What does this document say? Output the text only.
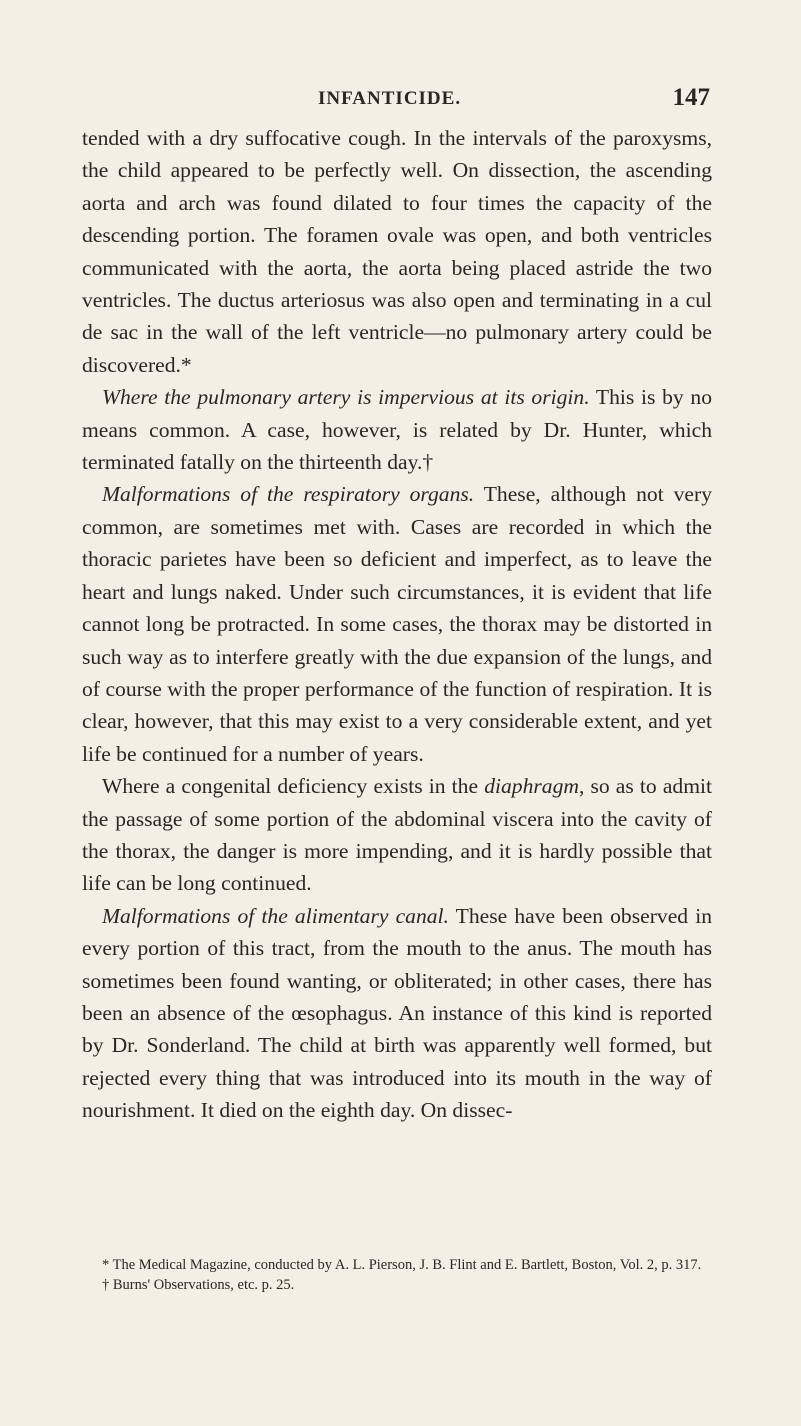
INFANTICIDE.	147

tended with a dry suffocative cough. In the intervals of the paroxysms, the child appeared to be perfectly well. On dissection, the ascending aorta and arch was found dilated to four times the capacity of the descending portion. The foramen ovale was open, and both ventricles communicated with the aorta, the aorta being placed astride the two ventricles. The ductus arteriosus was also open and terminating in a cul de sac in the wall of the left ventricle—no pulmonary artery could be discovered.*

Where the pulmonary artery is impervious at its origin. This is by no means common. A case, however, is related by Dr. Hunter, which terminated fatally on the thirteenth day.†

Malformations of the respiratory organs. These, although not very common, are sometimes met with. Cases are recorded in which the thoracic parietes have been so deficient and imperfect, as to leave the heart and lungs naked. Under such circumstances, it is evident that life cannot long be protracted. In some cases, the thorax may be distorted in such way as to interfere greatly with the due expansion of the lungs, and of course with the proper performance of the function of respiration. It is clear, however, that this may exist to a very considerable extent, and yet life be continued for a number of years.

Where a congenital deficiency exists in the diaphragm, so as to admit the passage of some portion of the abdominal viscera into the cavity of the thorax, the danger is more impending, and it is hardly possible that life can be long continued.

Malformations of the alimentary canal. These have been observed in every portion of this tract, from the mouth to the anus. The mouth has sometimes been found wanting, or obliterated; in other cases, there has been an absence of the œsophagus. An instance of this kind is reported by Dr. Sonderland. The child at birth was apparently well formed, but rejected every thing that was introduced into its mouth in the way of nourishment. It died on the eighth day. On dissec-

* The Medical Magazine, conducted by A. L. Pierson, J. B. Flint and E. Bartlett, Boston, Vol. 2, p. 317.

† Burns' Observations, etc. p. 25.
